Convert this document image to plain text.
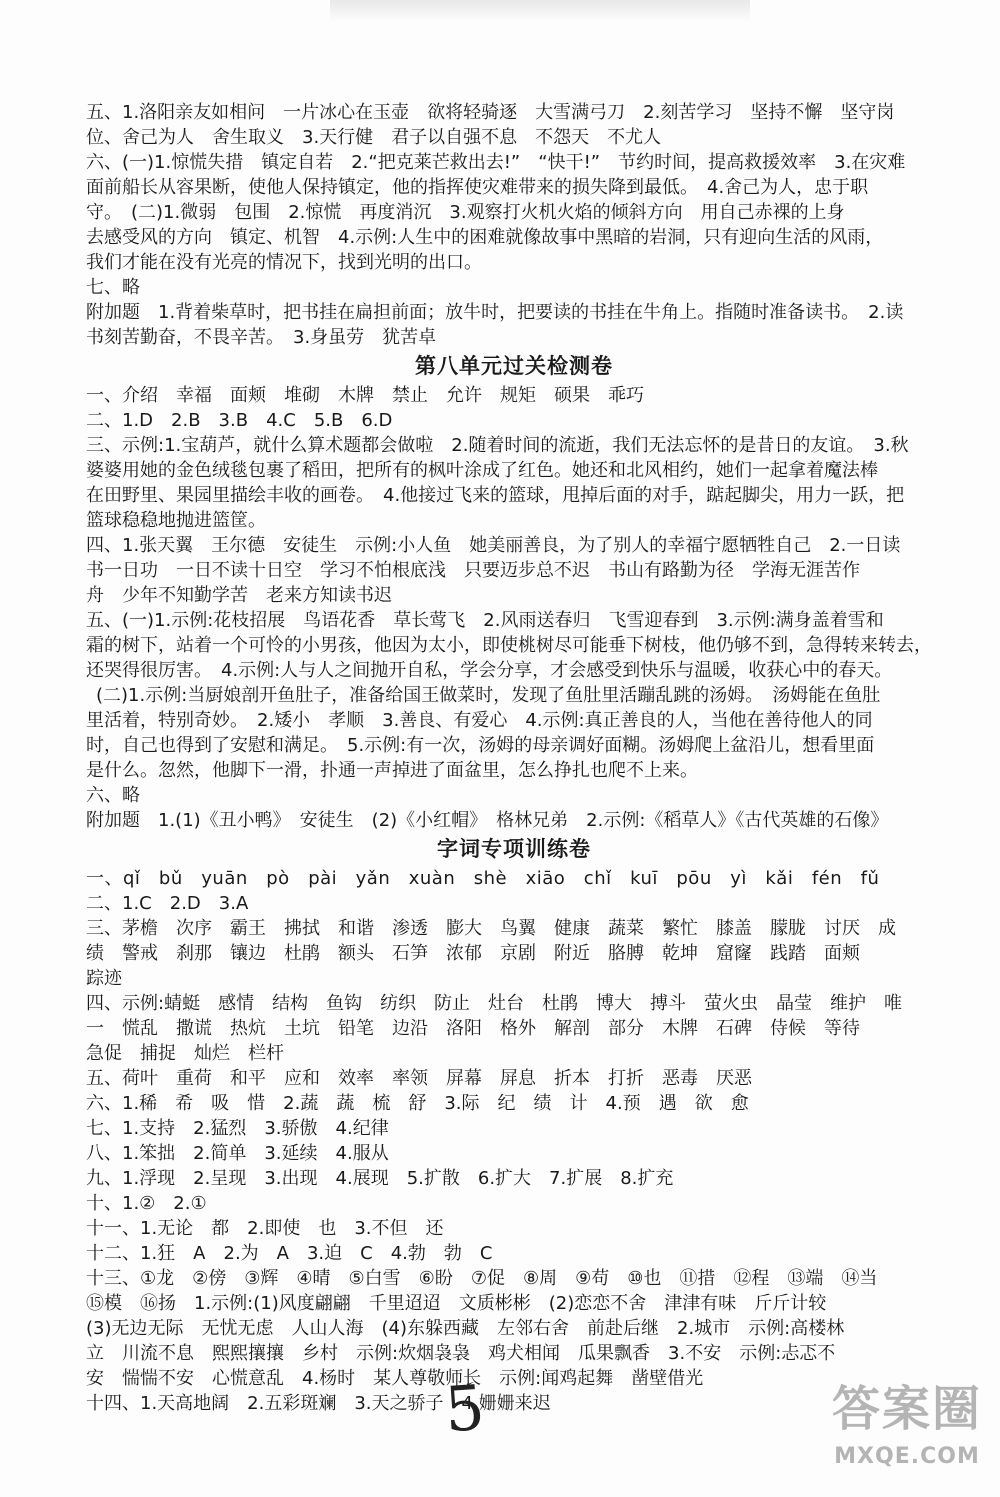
五、1.洛阳亲友如相问　一片冰心在玉壶　欲将轻骑逐　大雪满弓刀　2.刻苦学习　坚持不懈　坚守岗
位、舍己为人　舍生取义　3.天行健　君子以自强不息　不怨天　不尤人
六、(一)1.惊慌失措　镇定自若　2.“把克莱芒救出去!”　“快干!”　节约时间，提高救援效率　3.在灾难
面前船长从容果断，使他人保持镇定，他的指挥使灾难带来的损失降到最低。　4.舍己为人，忠于职
守。　(二)1.微弱　包围　2.惊慌　再度消沉　3.观察打火机火焰的倾斜方向　用自己赤裸的上身
去感受风的方向　镇定、机智　4.示例:人生中的困难就像故事中黑暗的岩洞，只有迎向生活的风雨，
我们才能在没有光亮的情况下，找到光明的出口。
七、略
附加题　1.背着柴草时，把书挂在扁担前面；放牛时，把要读的书挂在牛角上。指随时准备读书。　2.读
书刻苦勤奋，不畏辛苦。　3.身虽劳　犹苦卓
第八单元过关检测卷
一、介绍　幸福　面颊　堆砌　木牌　禁止　允许　规矩　硕果　乖巧
二、1.D　2.B　3.B　4.C　5.B　6.D
三、示例:1.宝葫芦，就什么算术题都会做啦　2.随着时间的流逝，我们无法忘怀的是昔日的友谊。　3.秋
婆婆用她的金色绒毯包裹了稻田，把所有的枫叶涂成了红色。她还和北风相约，她们一起拿着魔法棒
在田野里、果园里描绘丰收的画卷。　4.他接过飞来的篮球，甩掉后面的对手，踮起脚尖，用力一跃，把
篮球稳稳地抛进篮筐。
四、1.张天翼　王尔德　安徒生　示例:小人鱼　她美丽善良，为了别人的幸福宁愿牺牲自己　2.一日读
书一日功　一日不读十日空　学习不怕根底浅　只要迈步总不迟　书山有路勤为径　学海无涯苦作
舟　少年不知勤学苦　老来方知读书迟
五、(一)1.示例:花枝招展　鸟语花香　草长莺飞　2.风雨送春归　飞雪迎春到　3.示例:满身盖着雪和
霜的树下，站着一个可怜的小男孩，他因为太小，即使桃树尽可能垂下树枝，他仍够不到，急得转来转去，
还哭得很厉害。　4.示例:人与人之间抛开自私，学会分享，才会感受到快乐与温暖，收获心中的春天。
(二)1.示例:当厨娘剖开鱼肚子，准备给国王做菜时，发现了鱼肚里活蹦乱跳的汤姆。　汤姆能在鱼肚
里活着，特别奇妙。　2.矮小　孝顺　3.善良、有爱心　4.示例:真正善良的人，当他在善待他人的同
时，自己也得到了安慰和满足。　5.示例:有一次，汤姆的母亲调好面糊。汤姆爬上盆沿儿，想看里面
是什么。忽然，他脚下一滑，扑通一声掉进了面盆里，怎么挣扎也爬不上来。
六、略
附加题　1.(1)《丑小鸭》　安徒生　(2)《小红帽》　格林兄弟　2.示例:《稻草人》《古代英雄的石像》
字词专项训练卷
一、qǐ　bǔ　yuān　pò　pài　yǎn　xuàn　shè　xiāo　chǐ　kuī　pōu　yì　kǎi　fén　fǔ
二、1.C　2.D　3.A
三、茅檐　次序　霸王　拂拭　和谐　渗透　膨大　鸟翼　健康　蔬菜　繁忙　膝盖　朦胧　讨厌　成
绩　警戒　刹那　镶边　杜鹃　额头　石笋　浓郁　京剧　附近　胳膊　乾坤　窟窿　践踏　面颊
踪迹
四、示例:蜻蜓　感情　结构　鱼钩　纺织　防止　灶台　杜鹃　博大　搏斗　萤火虫　晶莹　维护　唯
一　慌乱　撒谎　热炕　土坑　铅笔　边沿　洛阳　格外　解剖　部分　木牌　石碑　侍候　等待
急促　捕捉　灿烂　栏杆
五、荷叶　重荷　和平　应和　效率　率领　屏幕　屏息　折本　打折　恶毒　厌恶
六、1.稀　希　吸　惜　2.蔬　蔬　梳　舒　3.际　纪　绩　计　4.预　遇　欲　愈
七、1.支持　2.猛烈　3.骄傲　4.纪律
八、1.笨拙　2.简单　3.延续　4.服从
九、1.浮现　2.呈现　3.出现　4.展现　5.扩散　6.扩大　7.扩展　8.扩充
十、1.②　2.①
十一、1.无论　都　2.即使　也　3.不但　还
十二、1.狂　A　2.为　A　3.迫　C　4.勃　勃　C
十三、①龙　②傍　③辉　④晴　⑤白雪　⑥盼　⑦促　⑧周　⑨苟　⑩也　⑪措　⑫程　⑬端　⑭当
⑮模　⑯扬　1.示例:(1)风度翩翩　千里迢迢　文质彬彬　(2)恋恋不舍　津津有味　斤斤计较
(3)无边无际　无忧无虑　人山人海　(4)东躲西藏　左邻右舍　前赴后继　2.城市　示例:高楼林
立　川流不息　熙熙攘攘　乡村　示例:炊烟袅袅　鸡犬相闻　瓜果飘香　3.不安　示例:忐忑不
安　惴惴不安　心慌意乱　4.杨时　某人尊敬师长　示例:闻鸡起舞　凿壁借光
十四、1.天高地阔　2.五彩斑斓　3.天之骄子　4.姗姗来迟
5	答案圈
MXQE.COM
